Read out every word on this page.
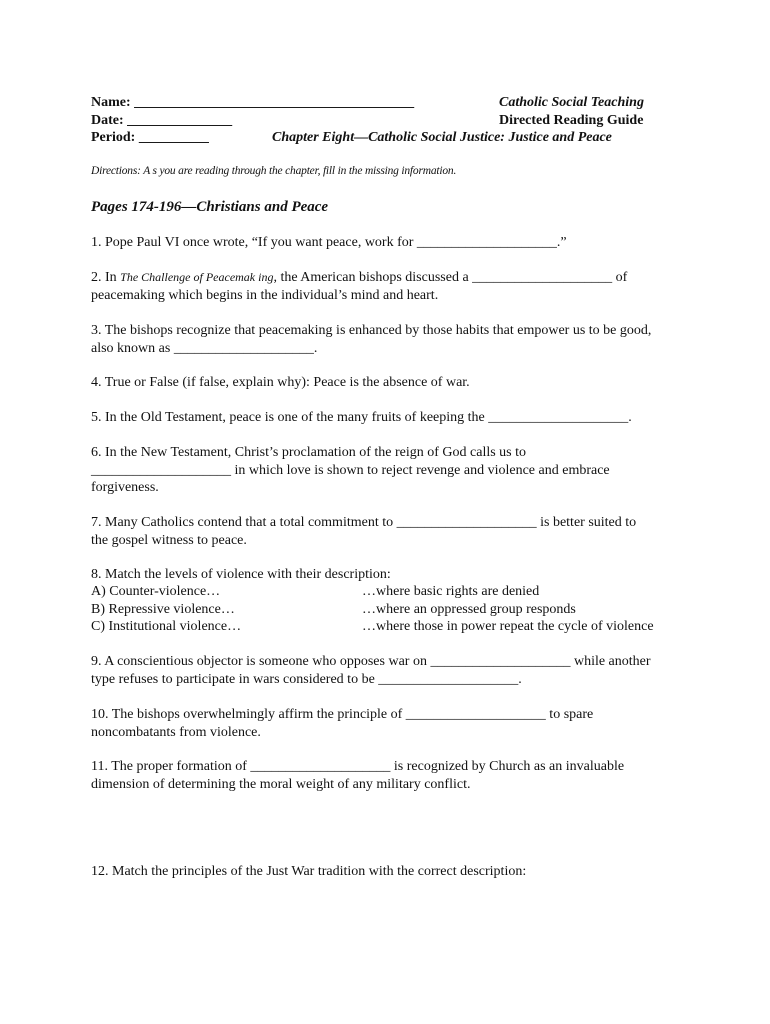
Name: ________________________________________
Date: _______________
Period: __________
Catholic Social Teaching
Directed Reading Guide
Chapter Eight—Catholic Social Justice: Justice and Peace
Directions: A s you are reading through the chapter, fill in the missing information.
Pages 174-196—Christians and Peace
1. Pope Paul VI once wrote, “If you want peace, work for ____________________.”
2. In The Challenge of Peacemak ing, the American bishops discussed a ____________________ of
peacemaking which begins in the individual’s mind and heart.
3. The bishops recognize that peacemaking is enhanced by those habits that empower us to be good,
also known as ____________________.
4. True or False (if false, explain why): Peace is the absence of war.
5. In the Old Testament, peace is one of the many fruits of keeping the ____________________.
6. In the New Testament, Christ’s proclamation of the reign of God calls us to
____________________ in which love is shown to reject revenge and violence and embrace
forgiveness.
7. Many Catholics contend that a total commitment to ____________________ is better suited to
the gospel witness to peace.
8. Match the levels of violence with their description:
A) Counter-violence…
B) Repressive violence…
C) Institutional violence…
…where basic rights are denied
…where an oppressed group responds
…where those in power repeat the cycle of violence
9. A conscientious objector is someone who opposes war on ____________________ while another
type refuses to participate in wars considered to be ____________________.
10. The bishops overwhelmingly affirm the principle of ____________________ to spare
noncombatants from violence.
11. The proper formation of ____________________ is recognized by Church as an invaluable
dimension of determining the moral weight of any military conflict.
12. Match the principles of the Just War tradition with the correct description:
